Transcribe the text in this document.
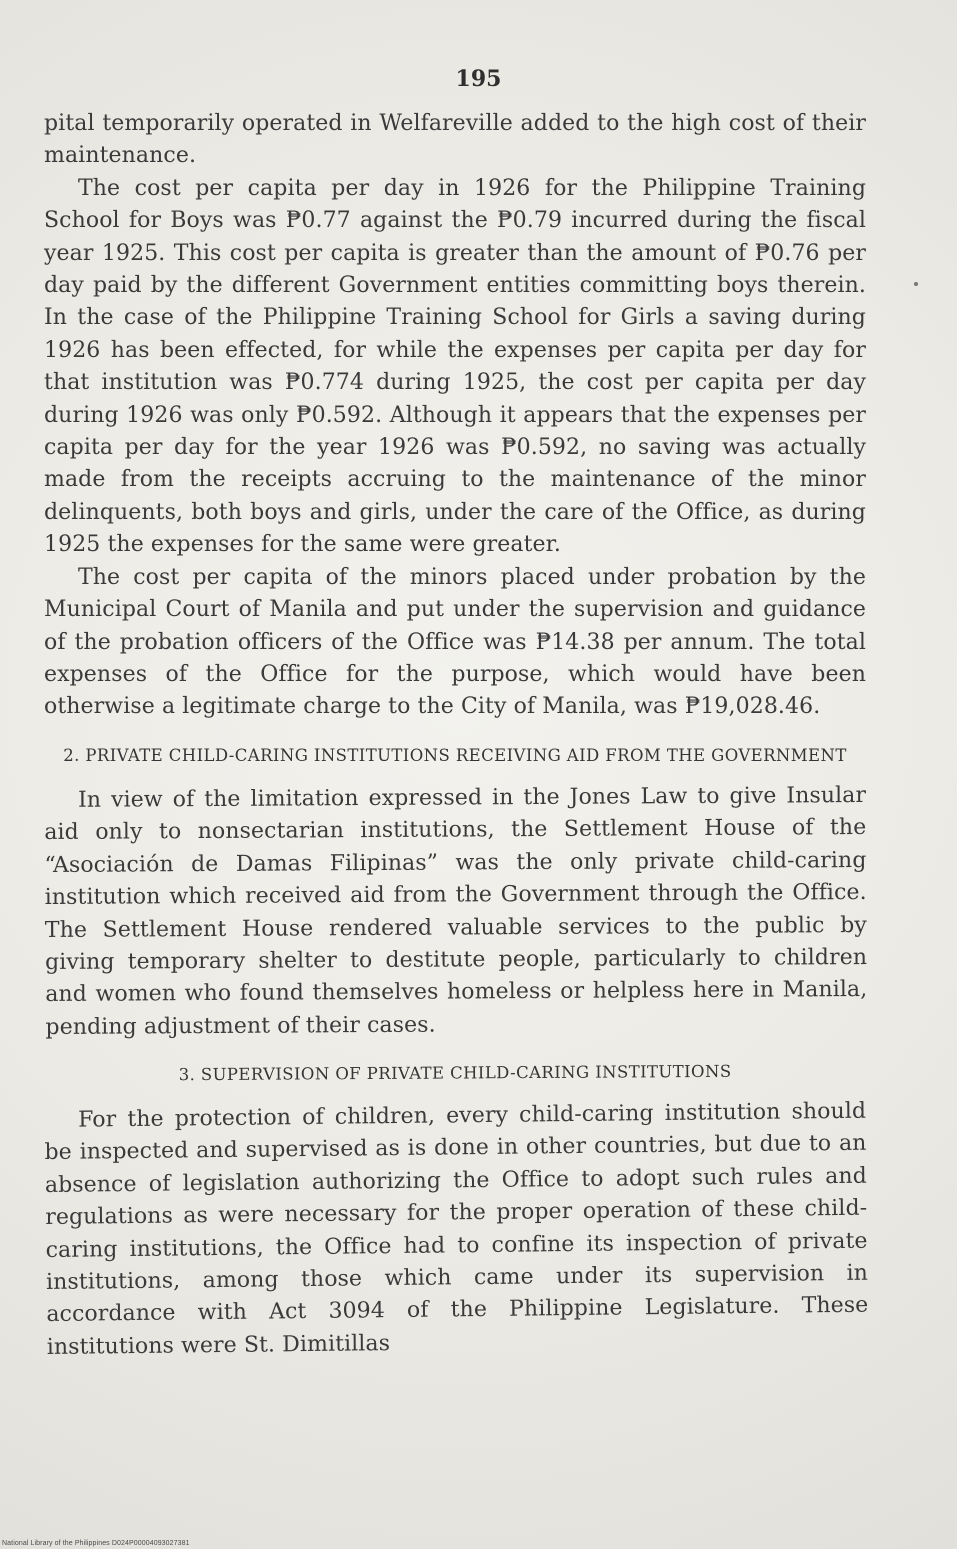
195

pital temporarily operated in Welfareville added to the high cost of their maintenance.

The cost per capita per day in 1926 for the Philippine Training School for Boys was ₱0.77 against the ₱0.79 incurred during the fiscal year 1925. This cost per capita is greater than the amount of ₱0.76 per day paid by the different Government entities committing boys therein. In the case of the Philippine Training School for Girls a saving during 1926 has been effected, for while the expenses per capita per day for that institution was ₱0.774 during 1925, the cost per capita per day during 1926 was only ₱0.592. Although it appears that the expenses per capita per day for the year 1926 was ₱0.592, no saving was actually made from the receipts accruing to the maintenance of the minor delinquents, both boys and girls, under the care of the Office, as during 1925 the expenses for the same were greater.

The cost per capita of the minors placed under probation by the Municipal Court of Manila and put under the supervision and guidance of the probation officers of the Office was ₱14.38 per annum. The total expenses of the Office for the purpose, which would have been otherwise a legitimate charge to the City of Manila, was ₱19,028.46.

2. PRIVATE CHILD-CARING INSTITUTIONS RECEIVING AID FROM THE GOVERNMENT

In view of the limitation expressed in the Jones Law to give Insular aid only to nonsectarian institutions, the Settlement House of the “Asociación de Damas Filipinas” was the only private child-caring institution which received aid from the Government through the Office. The Settlement House rendered valuable services to the public by giving temporary shelter to destitute people, particularly to children and women who found themselves homeless or helpless here in Manila, pending adjustment of their cases.

3. SUPERVISION OF PRIVATE CHILD-CARING INSTITUTIONS

For the protection of children, every child-caring institution should be inspected and supervised as is done in other countries, but due to an absence of legislation authorizing the Office to adopt such rules and regulations as were necessary for the proper operation of these child-caring institutions, the Office had to confine its inspection of private institutions, among those which came under its supervision in accordance with Act 3094 of the Philippine Legislature. These institutions were St. Dimitillas

National Library of the Philippines D024P00004093027381
